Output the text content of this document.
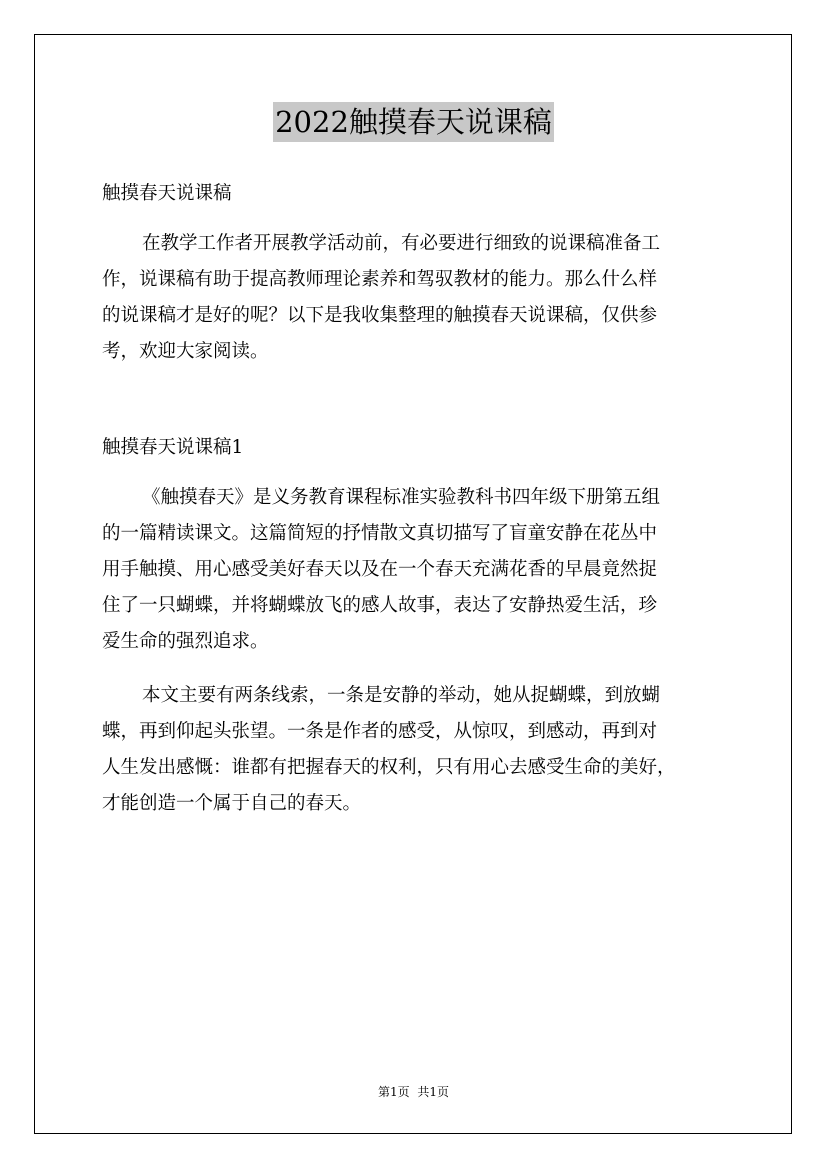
2022触摸春天说课稿

触摸春天说课稿

在教学工作者开展教学活动前，有必要进行细致的说课稿准备工
作，说课稿有助于提高教师理论素养和驾驭教材的能力。那么什么样
的说课稿才是好的呢？以下是我收集整理的触摸春天说课稿，仅供参
考，欢迎大家阅读。

触摸春天说课稿1

《触摸春天》是义务教育课程标准实验教科书四年级下册第五组
的一篇精读课文。这篇简短的抒情散文真切描写了盲童安静在花丛中
用手触摸、用心感受美好春天以及在一个春天充满花香的早晨竟然捉
住了一只蝴蝶，并将蝴蝶放飞的感人故事，表达了安静热爱生活，珍
爱生命的强烈追求。

本文主要有两条线索，一条是安静的举动，她从捉蝴蝶，到放蝴
蝶，再到仰起头张望。一条是作者的感受，从惊叹，到感动，再到对
人生发出感慨：谁都有把握春天的权利，只有用心去感受生命的美好，
才能创造一个属于自己的春天。

第1页 共1页
